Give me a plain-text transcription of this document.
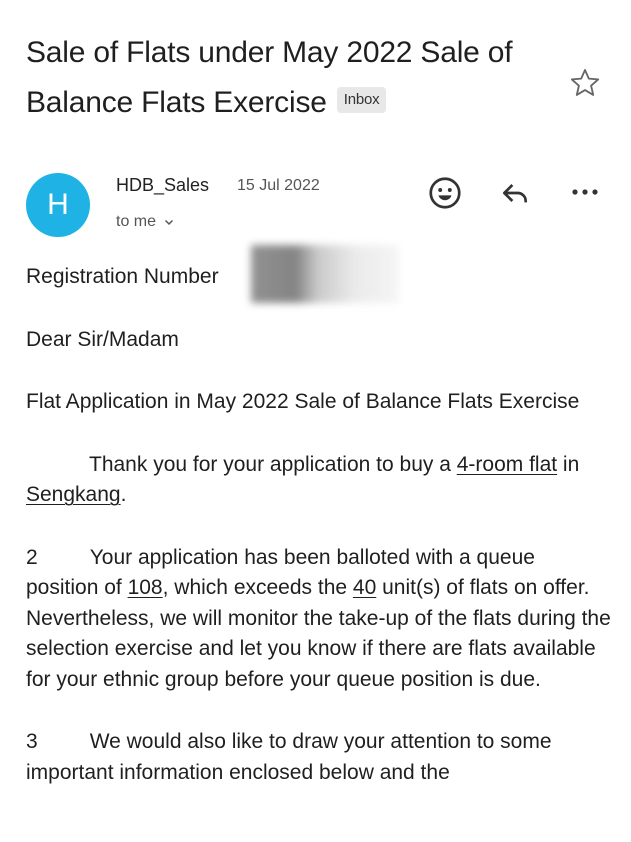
Sale of Flats under May 2022 Sale of Balance Flats Exercise Inbox
H
HDB_Sales 15 Jul 2022
to me

Registration Number

Dear Sir/Madam

Flat Application in May 2022 Sale of Balance Flats Exercise

Thank you for your application to buy a 4-room flat in Sengkang.

2 Your application has been balloted with a queue position of 108, which exceeds the 40 unit(s) of flats on offer. Nevertheless, we will monitor the take-up of the flats during the selection exercise and let you know if there are flats available for your ethnic group before your queue position is due.

3 We would also like to draw your attention to some important information enclosed below and the
